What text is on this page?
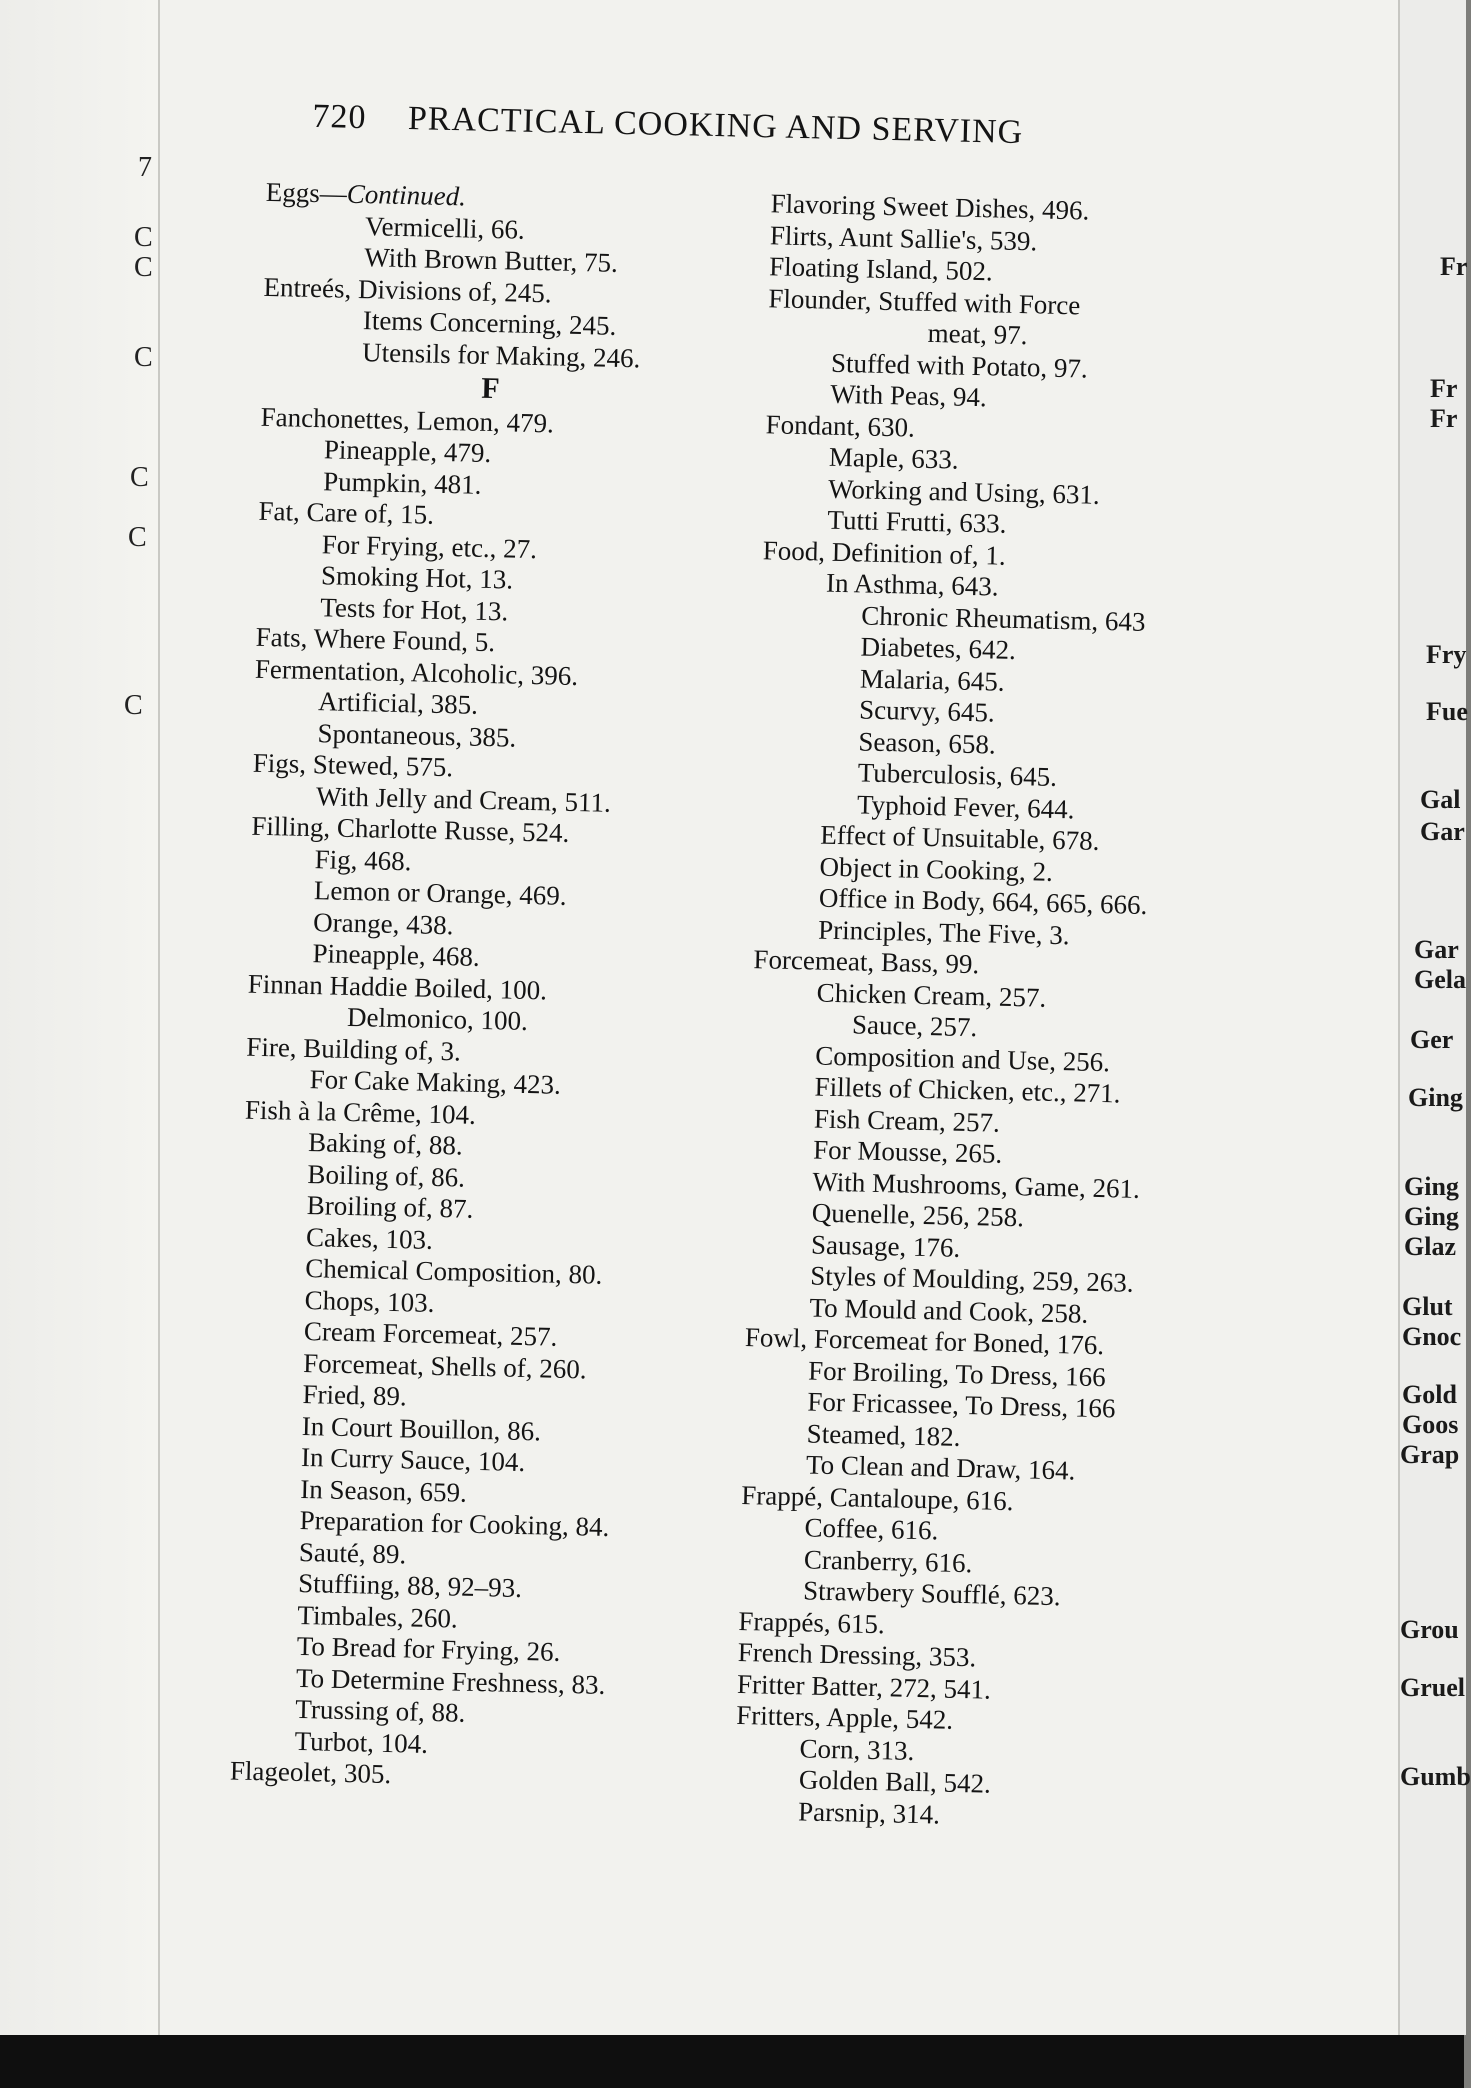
7
C
C
C
C
C
C
Fr
Fr
Fr
Fry
Fue
Gal
Gar
Gar
Gela
Ger
Ging
Ging
Ging
Glaz
Glut
Gnoc
Gold
Goos
Grap
Grou
Gruel
Gumb
720 PRACTICAL COOKING AND SERVING
Eggs—Continued.
Vermicelli, 66.
With Brown Butter, 75.
Entreés, Divisions of, 245.
Items Concerning, 245.
Utensils for Making, 246.
F
Fanchonettes, Lemon, 479.
Pineapple, 479.
Pumpkin, 481.
Fat, Care of, 15.
For Frying, etc., 27.
Smoking Hot, 13.
Tests for Hot, 13.
Fats, Where Found, 5.
Fermentation, Alcoholic, 396.
Artificial, 385.
Spontaneous, 385.
Figs, Stewed, 575.
With Jelly and Cream, 511.
Filling, Charlotte Russe, 524.
Fig, 468.
Lemon or Orange, 469.
Orange, 438.
Pineapple, 468.
Finnan Haddie Boiled, 100.
Delmonico, 100.
Fire, Building of, 3.
For Cake Making, 423.
Fish à la Crême, 104.
Baking of, 88.
Boiling of, 86.
Broiling of, 87.
Cakes, 103.
Chemical Composition, 80.
Chops, 103.
Cream Forcemeat, 257.
Forcemeat, Shells of, 260.
Fried, 89.
In Court Bouillon, 86.
In Curry Sauce, 104.
In Season, 659.
Preparation for Cooking, 84.
Sauté, 89.
Stuffiing, 88, 92–93.
Timbales, 260.
To Bread for Frying, 26.
To Determine Freshness, 83.
Trussing of, 88.
Turbot, 104.
Flageolet, 305.
Flavoring Sweet Dishes, 496.
Flirts, Aunt Sallie's, 539.
Floating Island, 502.
Flounder, Stuffed with Force
meat, 97.
Stuffed with Potato, 97.
With Peas, 94.
Fondant, 630.
Maple, 633.
Working and Using, 631.
Tutti Frutti, 633.
Food, Definition of, 1.
In Asthma, 643.
Chronic Rheumatism, 643
Diabetes, 642.
Malaria, 645.
Scurvy, 645.
Season, 658.
Tuberculosis, 645.
Typhoid Fever, 644.
Effect of Unsuitable, 678.
Object in Cooking, 2.
Office in Body, 664, 665, 666.
Principles, The Five, 3.
Forcemeat, Bass, 99.
Chicken Cream, 257.
Sauce, 257.
Composition and Use, 256.
Fillets of Chicken, etc., 271.
Fish Cream, 257.
For Mousse, 265.
With Mushrooms, Game, 261.
Quenelle, 256, 258.
Sausage, 176.
Styles of Moulding, 259, 263.
To Mould and Cook, 258.
Fowl, Forcemeat for Boned, 176.
For Broiling, To Dress, 166
For Fricassee, To Dress, 166
Steamed, 182.
To Clean and Draw, 164.
Frappé, Cantaloupe, 616.
Coffee, 616.
Cranberry, 616.
Strawbery Soufflé, 623.
Frappés, 615.
French Dressing, 353.
Fritter Batter, 272, 541.
Fritters, Apple, 542.
Corn, 313.
Golden Ball, 542.
Parsnip, 314.
